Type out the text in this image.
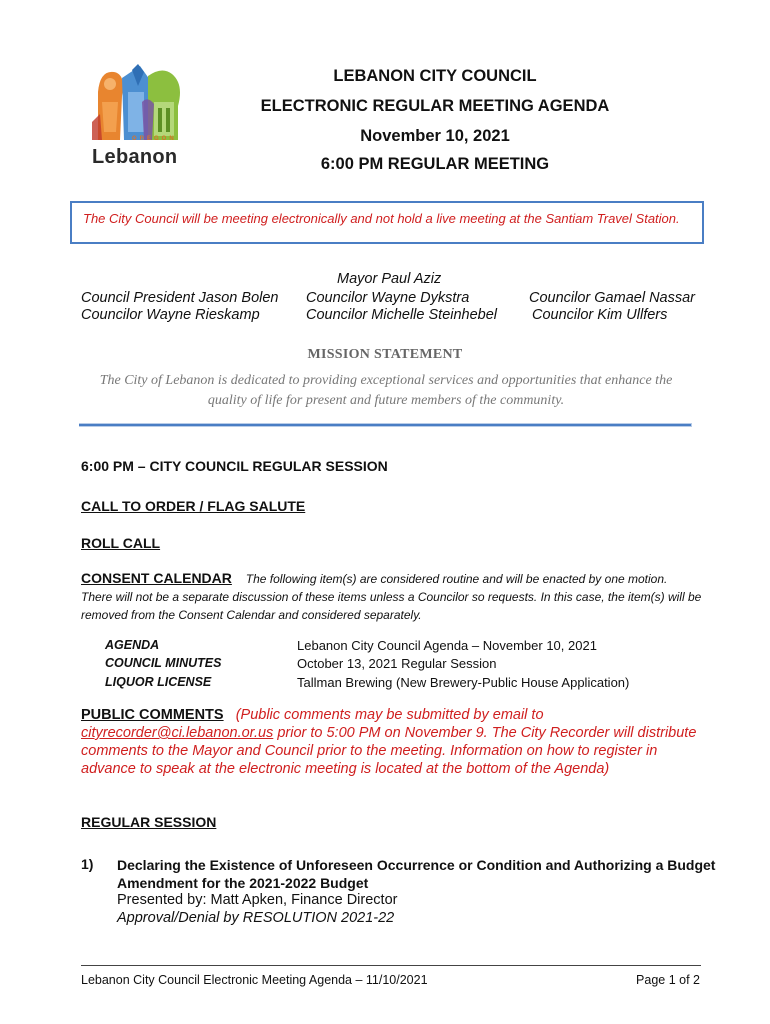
OREGON
Lebanon
LEBANON CITY COUNCIL
ELECTRONIC REGULAR MEETING AGENDA
November 10, 2021
6:00 PM REGULAR MEETING
The City Council will be meeting electronically and not hold a live meeting at the Santiam Travel Station.
Mayor Paul Aziz
Council President Jason Bolen
Councilor Wayne Rieskamp
Councilor Wayne Dykstra
Councilor Michelle Steinhebel
Councilor Gamael Nassar
Councilor Kim Ullfers
MISSION STATEMENT
The City of Lebanon is dedicated to providing exceptional services and opportunities that enhance the quality of life for present and future members of the community.
6:00 PM – CITY COUNCIL REGULAR SESSION
CALL TO ORDER / FLAG SALUTE
ROLL CALL
CONSENT CALENDAR The following item(s) are considered routine and will be enacted by one motion.
There will not be a separate discussion of these items unless a Councilor so requests. In this case, the item(s) will be removed from the Consent Calendar and considered separately.
AGENDA	Lebanon City Council Agenda – November 10, 2021
COUNCIL MINUTES	October 13, 2021 Regular Session
LIQUOR LICENSE	Tallman Brewing (New Brewery-Public House Application)
PUBLIC COMMENTS (Public comments may be submitted by email to cityrecorder@ci.lebanon.or.us prior to 5:00 PM on November 9. The City Recorder will distribute comments to the Mayor and Council prior to the meeting. Information on how to register in advance to speak at the electronic meeting is located at the bottom of the Agenda)
REGULAR SESSION
1) Declaring the Existence of Unforeseen Occurrence or Condition and Authorizing a Budget Amendment for the 2021-2022 Budget
Presented by: Matt Apken, Finance Director
Approval/Denial by RESOLUTION 2021-22
Lebanon City Council Electronic Meeting Agenda – 11/10/2021	Page 1 of 2
